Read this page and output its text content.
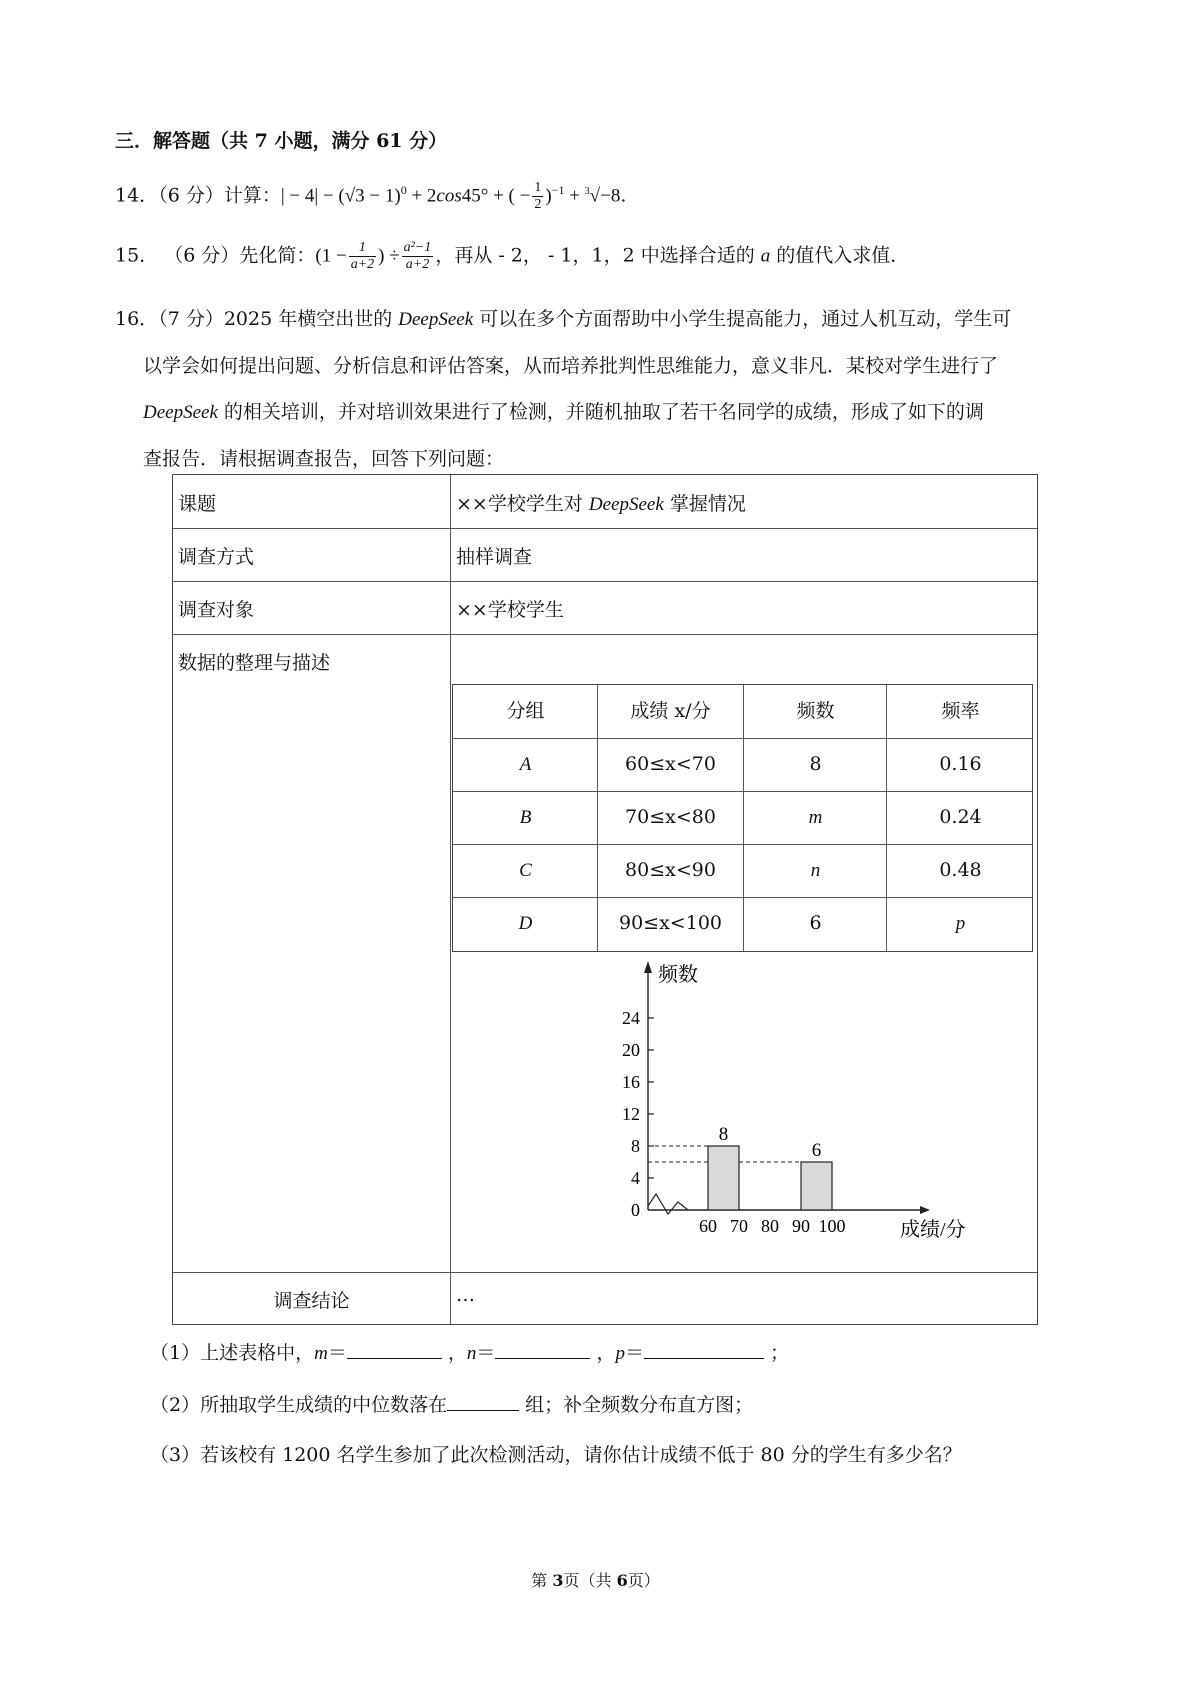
三．解答题（共 7 小题，满分 61 分）
14．（6 分）计算：| − $4| - (√3 - 1)^0 + 2\cos 45^\circ$ + ( − $\frac{1}{2} )^{-1} + ^3√-8$.
15． （6 分）先化简：($1 - \frac{1}{a+2}$ ) ÷ $\frac{\text{a²−1}}{a+2}$ ，再从 - 2， - 1，1，2 中选择合适的 a 的值代入求值．
16．（7 分）2025 年横空出世的 DeepSeek 可以在多个方面帮助中小学生提高能力，通过人机互动，学生可
以学会如何提出问题、分析信息和评估答案，从而培养批判性思维能力，意义非凡．某校对学生进行了
DeepSeek 的相关培训，并对培训效果进行了检测，并随机抽取了若干名同学的成绩，形成了如下的调
查报告．请根据调查报告，回答下列问题：
课题	××学校学生对 DeepSeek 掌握情况
调查方式	抽样调查
调查对象	××学校学生
数据的整理与描述
调查结论	…
分组	成绩 x/分	频数	频率
A	60≤x<70	8	0.16
B	70≤x<80	m	0.24
C	80≤x<90	n	0.48
D	90≤x<100	6	p
频数
成绩/分
0
4
8
12
16
20
24
60 70 80 90 100
8
6
（1）上述表格中，m＝	，n＝	，p＝	；
（2）所抽取学生成绩的中位数落在	组；补全频数分布直方图；
（3）若该校有 1200 名学生参加了此次检测活动，请你估计成绩不低于 80 分的学生有多少名？
第 3页（共 6页）
